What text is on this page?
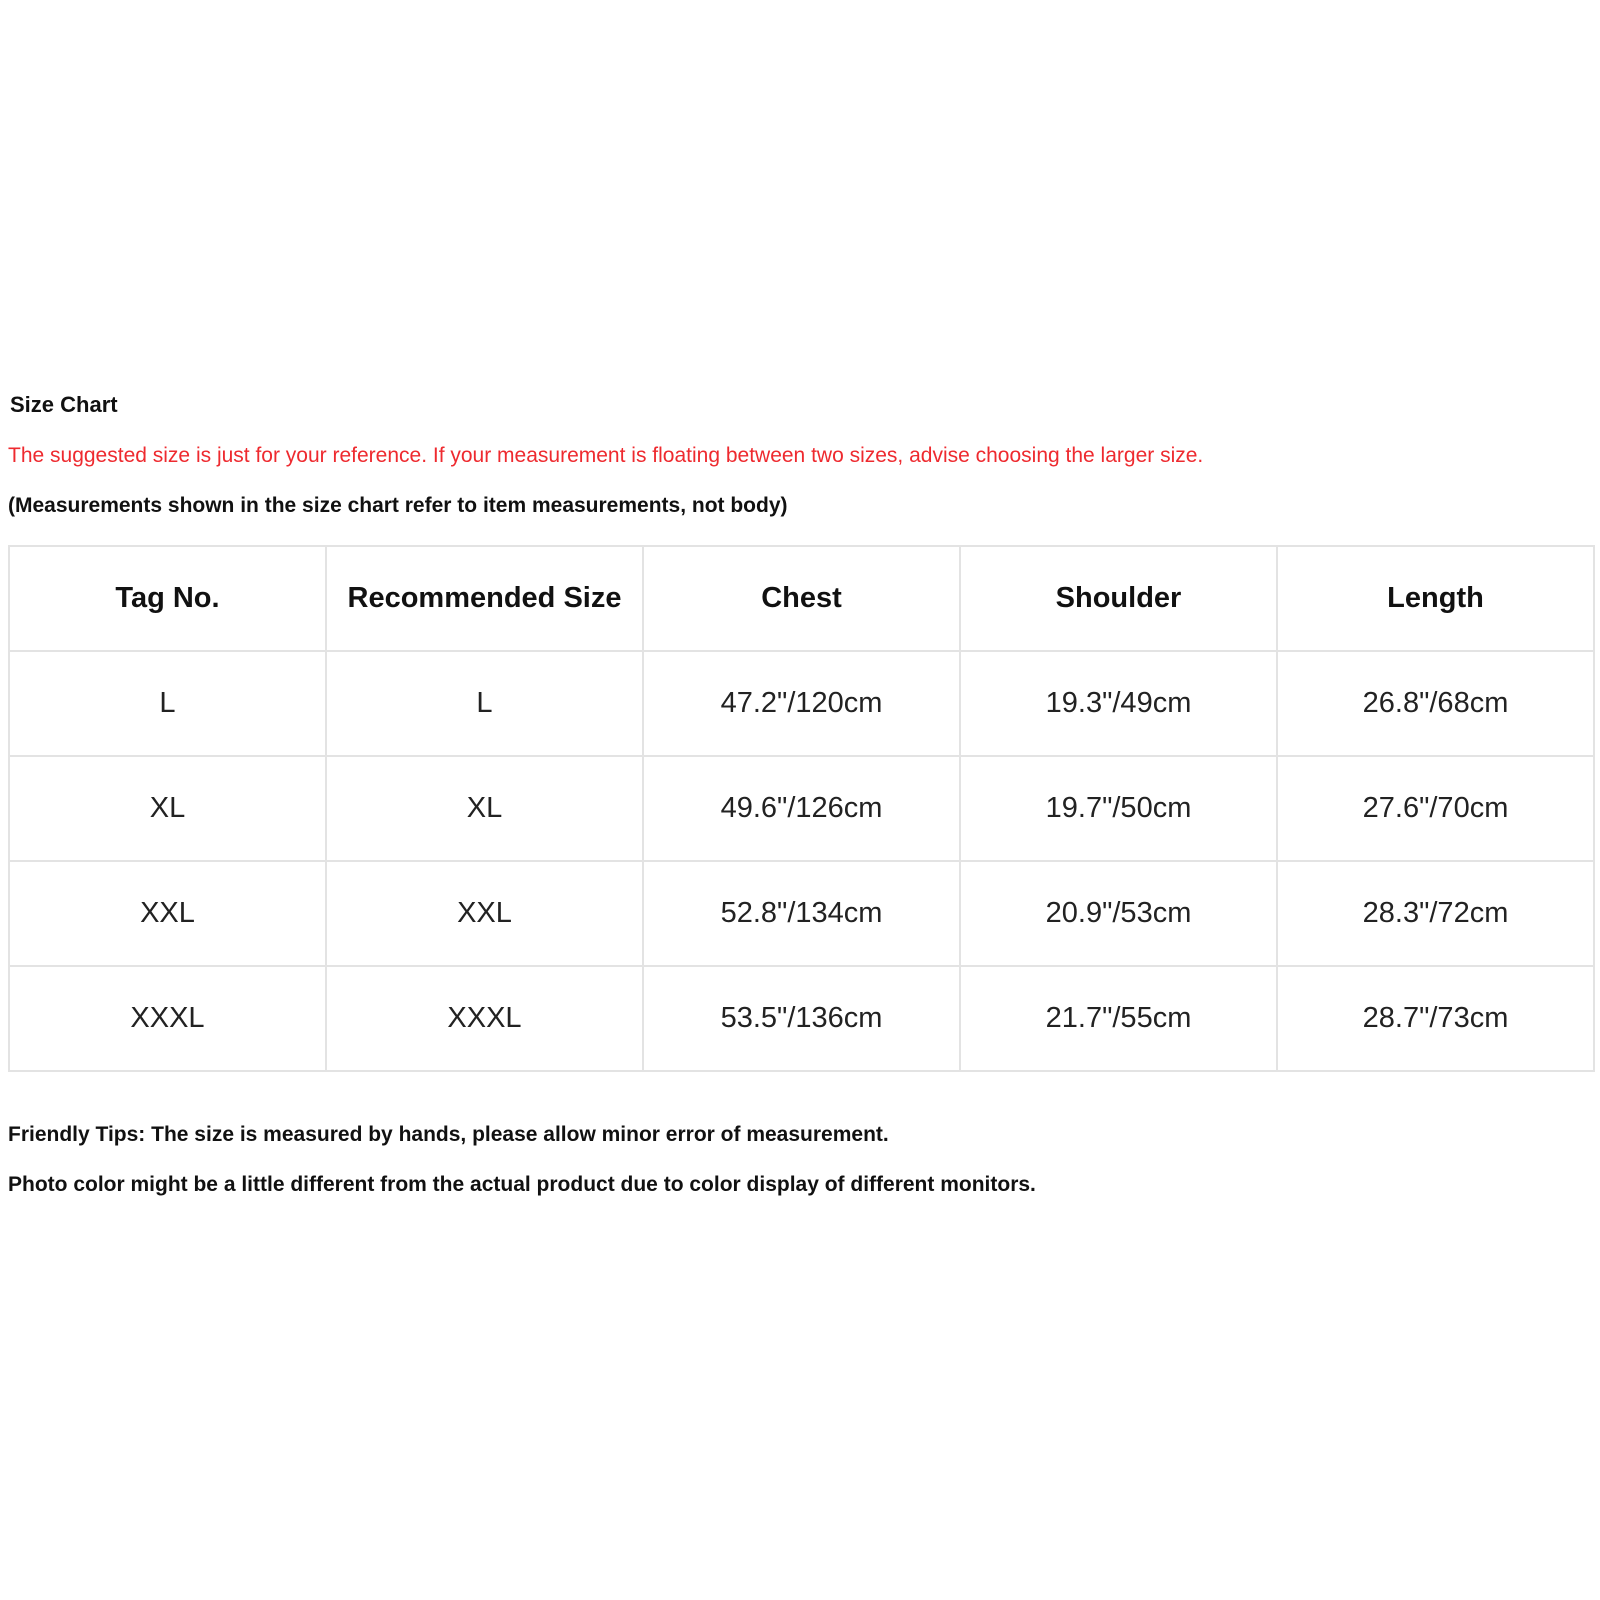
Size Chart
The suggested size is just for your reference. If your measurement is floating between two sizes, advise choosing the larger size.
(Measurements shown in the size chart refer to item measurements, not body)
Tag No.	Recommended Size	Chest	Shoulder	Length
L	L	47.2"/120cm	19.3"/49cm	26.8"/68cm
XL	XL	49.6"/126cm	19.7"/50cm	27.6"/70cm
XXL	XXL	52.8"/134cm	20.9"/53cm	28.3"/72cm
XXXL	XXXL	53.5"/136cm	21.7"/55cm	28.7"/73cm
Friendly Tips: The size is measured by hands, please allow minor error of measurement.
Photo color might be a little different from the actual product due to color display of different monitors.
